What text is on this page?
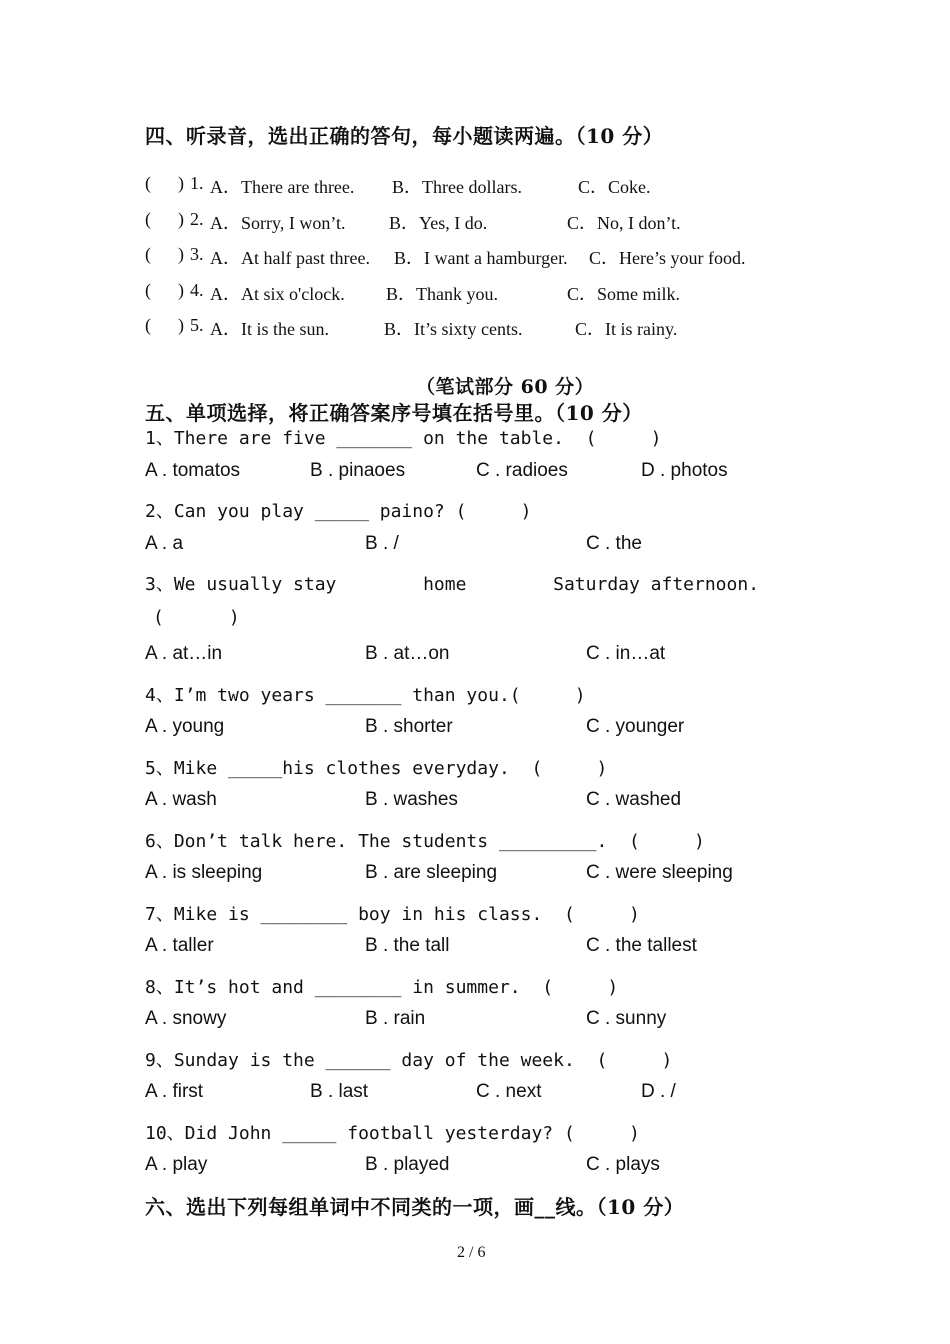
四、听录音，选出正确的答句，每小题读两遍。（10 分）
(      ) 1. A．There are three. B．Three dollars.	C．Coke.
(      ) 2. A．Sorry, I won’t. B．Yes, I do.	C．No, I don’t.
(      ) 3. A．At half past three. B．I want a hamburger. C．Here’s your food.
(      ) 4. A．At six o'clock. B．Thank you.	C．Some milk.
(      ) 5. A．It is the sun.	B．It’s sixty cents.	C．It is rainy.
（笔试部分 60 分）
五、单项选择，将正确答案序号填在括号里。（10 分）
1、There are five _______ on the table.  (     )
A . tomatos	B . pinaoes	C . radioes	D . photos
2、Can you play _____ paino? (     )
A . a	B . /	C . the
3、We usually stay        home        Saturday afternoon.
(      )
A . at…in	B . at…on	C . in…at
4、I’m two years _______ than you.(     )
A . young	B . shorter	C . younger
5、Mike _____his clothes everyday.  (     )
A . wash	B . washes	C . washed
6、Don’t talk here. The students _________.  (     )
A . is sleeping	B . are sleeping	C . were sleeping
7、Mike is ________ boy in his class.  (     )
A . taller	B . the tall	C . the tallest
8、It’s hot and ________ in summer.  (     )
A . snowy	B . rain	C . sunny
9、Sunday is the ______ day of the week.  (     )
A . first	B . last	C . next	D . /
10、Did John _____ football yesterday? (     )
A . play	B . played	C . plays
六、选出下列每组单词中不同类的一项，画__线。（10 分）
2 / 6
